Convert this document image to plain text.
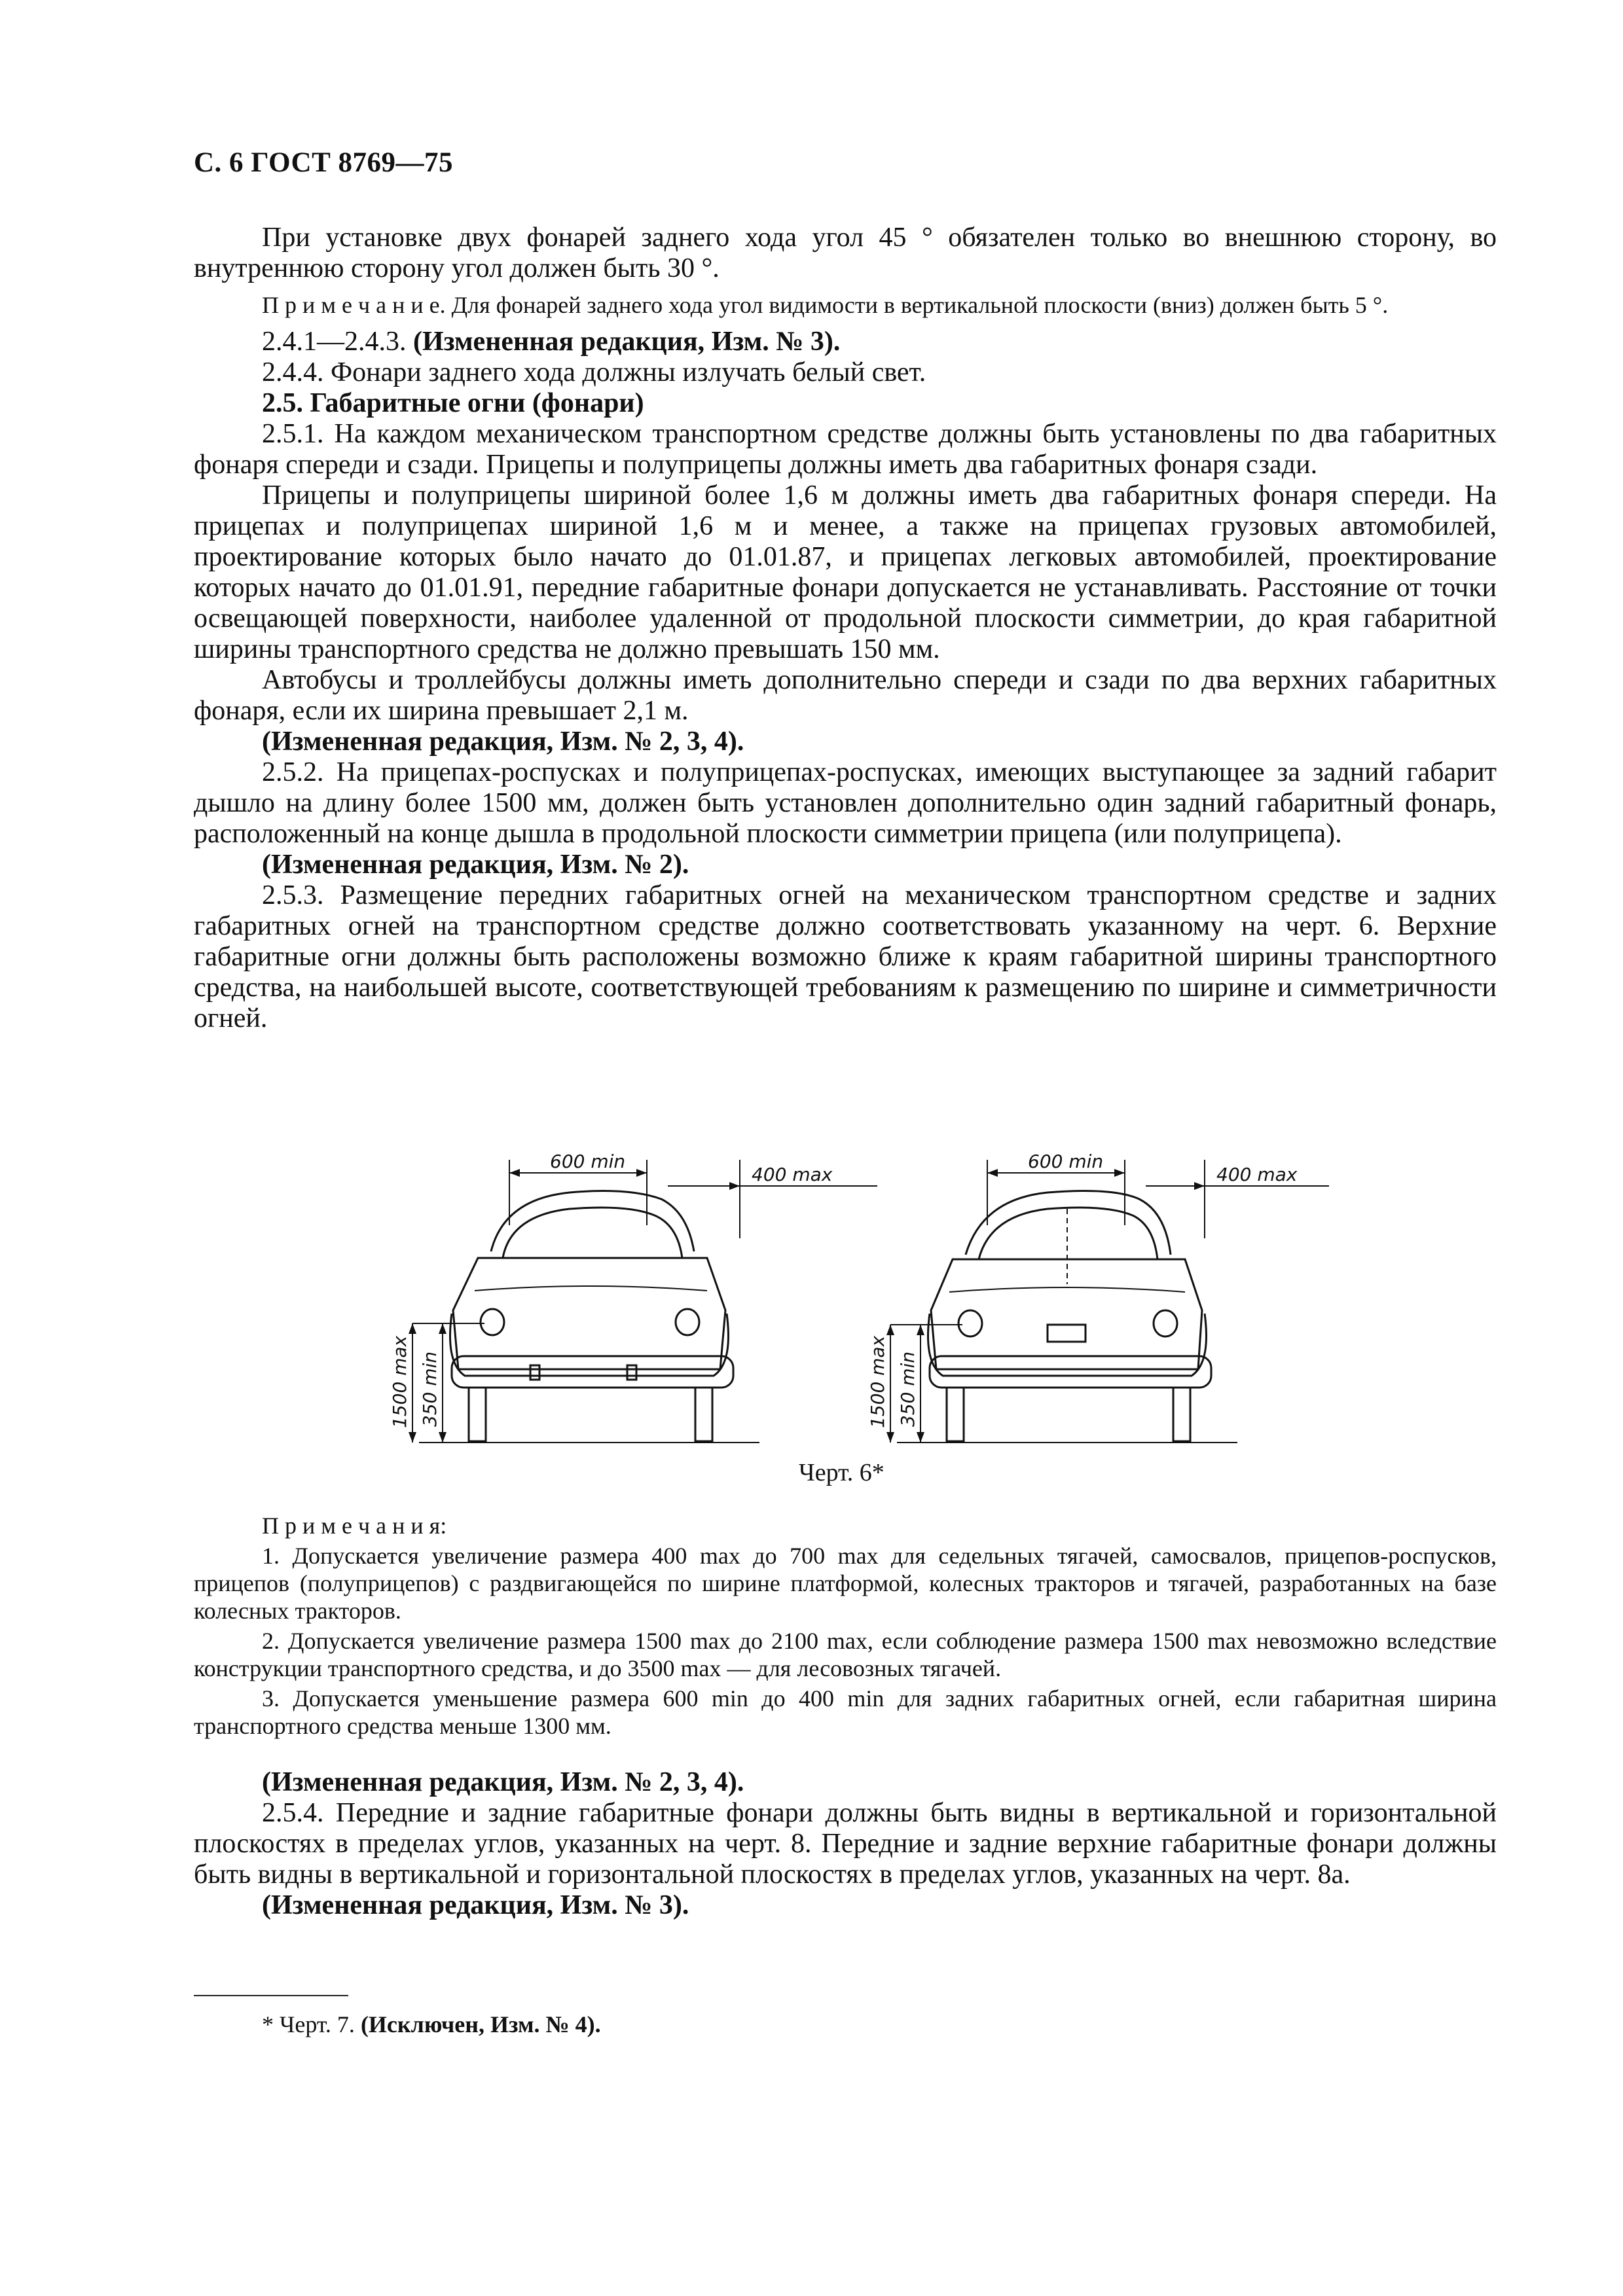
С. 6 ГОСТ 8769—75

При установке двух фонарей заднего хода угол 45 ° обязателен только во внешнюю сторону, во внутреннюю сторону угол должен быть 30 °.

П р и м е ч а н и е. Для фонарей заднего хода угол видимости в вертикальной плоскости (вниз) должен быть 5 °.

2.4.1—2.4.3. (Измененная редакция, Изм. № 3).

2.4.4. Фонари заднего хода должны излучать белый свет.

2.5. Габаритные огни (фонари)

2.5.1. На каждом механическом транспортном средстве должны быть установлены по два габаритных фонаря спереди и сзади. Прицепы и полуприцепы должны иметь два габаритных фонаря сзади.

Прицепы и полуприцепы шириной более 1,6 м должны иметь два габаритных фонаря спереди. На прицепах и полуприцепах шириной 1,6 м и менее, а также на прицепах грузовых автомобилей, проектирование которых было начато до 01.01.87, и прицепах легковых автомобилей, проектирование которых начато до 01.01.91, передние габаритные фонари допускается не устанавливать. Расстояние от точки освещающей поверхности, наиболее удаленной от продольной плоскости симметрии, до края габаритной ширины транспортного средства не должно превышать 150 мм.

Автобусы и троллейбусы должны иметь дополнительно спереди и сзади по два верхних габаритных фонаря, если их ширина превышает 2,1 м.

(Измененная редакция, Изм. № 2, 3, 4).

2.5.2. На прицепах-роспусках и полуприцепах-роспусках, имеющих выступающее за задний габарит дышло на длину более 1500 мм, должен быть установлен дополнительно один задний габаритный фонарь, расположенный на конце дышла в продольной плоскости симметрии прицепа (или полуприцепа).

(Измененная редакция, Изм. № 2).

2.5.3. Размещение передних габаритных огней на механическом транспортном средстве и задних габаритных огней на транспортном средстве должно соответствовать указанному на черт. 6. Верхние габаритные огни должны быть расположены возможно ближе к краям габаритной ширины транспортного средства, на наибольшей высоте, соответствующей требованиям к размещению по ширине и симметричности огней.

600 min
400 max
600 min
400 max
1500 max 350 min	1500 max 350 min
Черт. 6*

П р и м е ч а н и я:

1. Допускается увеличение размера 400 max до 700 max для седельных тягачей, самосвалов, прицепов-роспусков, прицепов (полуприцепов) с раздвигающейся по ширине платформой, колесных тракторов и тягачей, разработанных на базе колесных тракторов.

2. Допускается увеличение размера 1500 max до 2100 max, если соблюдение размера 1500 max невозможно вследствие конструкции транспортного средства, и до 3500 max — для лесовозных тягачей.

3. Допускается уменьшение размера 600 min до 400 min для задних габаритных огней, если габаритная ширина транспортного средства меньше 1300 мм.

(Измененная редакция, Изм. № 2, 3, 4).

2.5.4. Передние и задние габаритные фонари должны быть видны в вертикальной и горизонтальной плоскостях в пределах углов, указанных на черт. 8. Передние и задние верхние габаритные фонари должны быть видны в вертикальной и горизонтальной плоскостях в пределах углов, указанных на черт. 8а.

(Измененная редакция, Изм. № 3).

* Черт. 7. (Исключен, Изм. № 4).
